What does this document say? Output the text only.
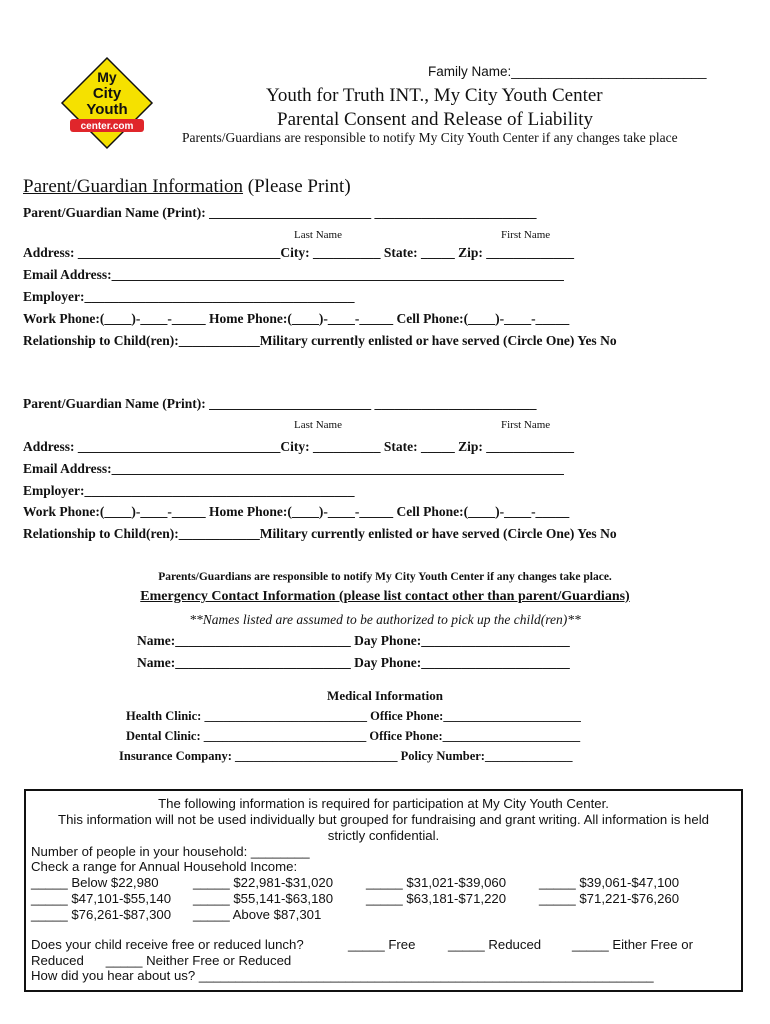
My
City
Youth
center.com
Family Name:__________________________
Youth for Truth INT., My City Youth Center
Parental Consent and Release of Liability
Parents/Guardians are responsible to notify My City Youth Center if any changes take place
Parent/Guardian Information (Please Print)
Parent/Guardian Name (Print): ________________________ ________________________
Last Name	First Name
Address: ______________________________City: __________ State: _____ Zip: _____________
Email Address:___________________________________________________________________
Employer:________________________________________
Work Phone:(____)-____-_____ Home Phone:(____)-____-_____ Cell Phone:(____)-____-_____
Relationship to Child(ren):____________Military currently enlisted or have served (Circle One) Yes No
Parent/Guardian Name (Print): ________________________ ________________________
Last Name	First Name
Address: ______________________________City: __________ State: _____ Zip: _____________
Email Address:___________________________________________________________________
Employer:________________________________________
Work Phone:(____)-____-_____ Home Phone:(____)-____-_____ Cell Phone:(____)-____-_____
Relationship to Child(ren):____________Military currently enlisted or have served (Circle One) Yes No
Parents/Guardians are responsible to notify My City Youth Center if any changes take place.
Emergency Contact Information (please list contact other than parent/Guardians)
**Names listed are assumed to be authorized to pick up the child(ren)**
Name:__________________________ Day Phone:______________________
Name:__________________________ Day Phone:______________________
Medical Information
Health Clinic: __________________________ Office Phone:______________________
Dental Clinic: __________________________ Office Phone:______________________
Insurance Company: __________________________ Policy Number:______________
The following information is required for participation at My City Youth Center.
This information will not be used individually but grouped for fundraising and grant writing. All information is held
strictly confidential.
Number of people in your household: ________
Check a range for Annual Household Income:
_____ Below $22,980	_____ $22,981-$31,020 _____ $31,021-$39,060 _____ $39,061-$47,100
_____ $47,101-$55,140 _____ $55,141-$63,180 _____ $63,181-$71,220 _____ $71,221-$76,260
_____ $76,261-$87,300 _____ Above $87,301
Does your child receive free or reduced lunch?	_____ Free _____ Reduced _____ Either Free or
Reduced      _____ Neither Free or Reduced
How did you hear about us? ______________________________________________________________
